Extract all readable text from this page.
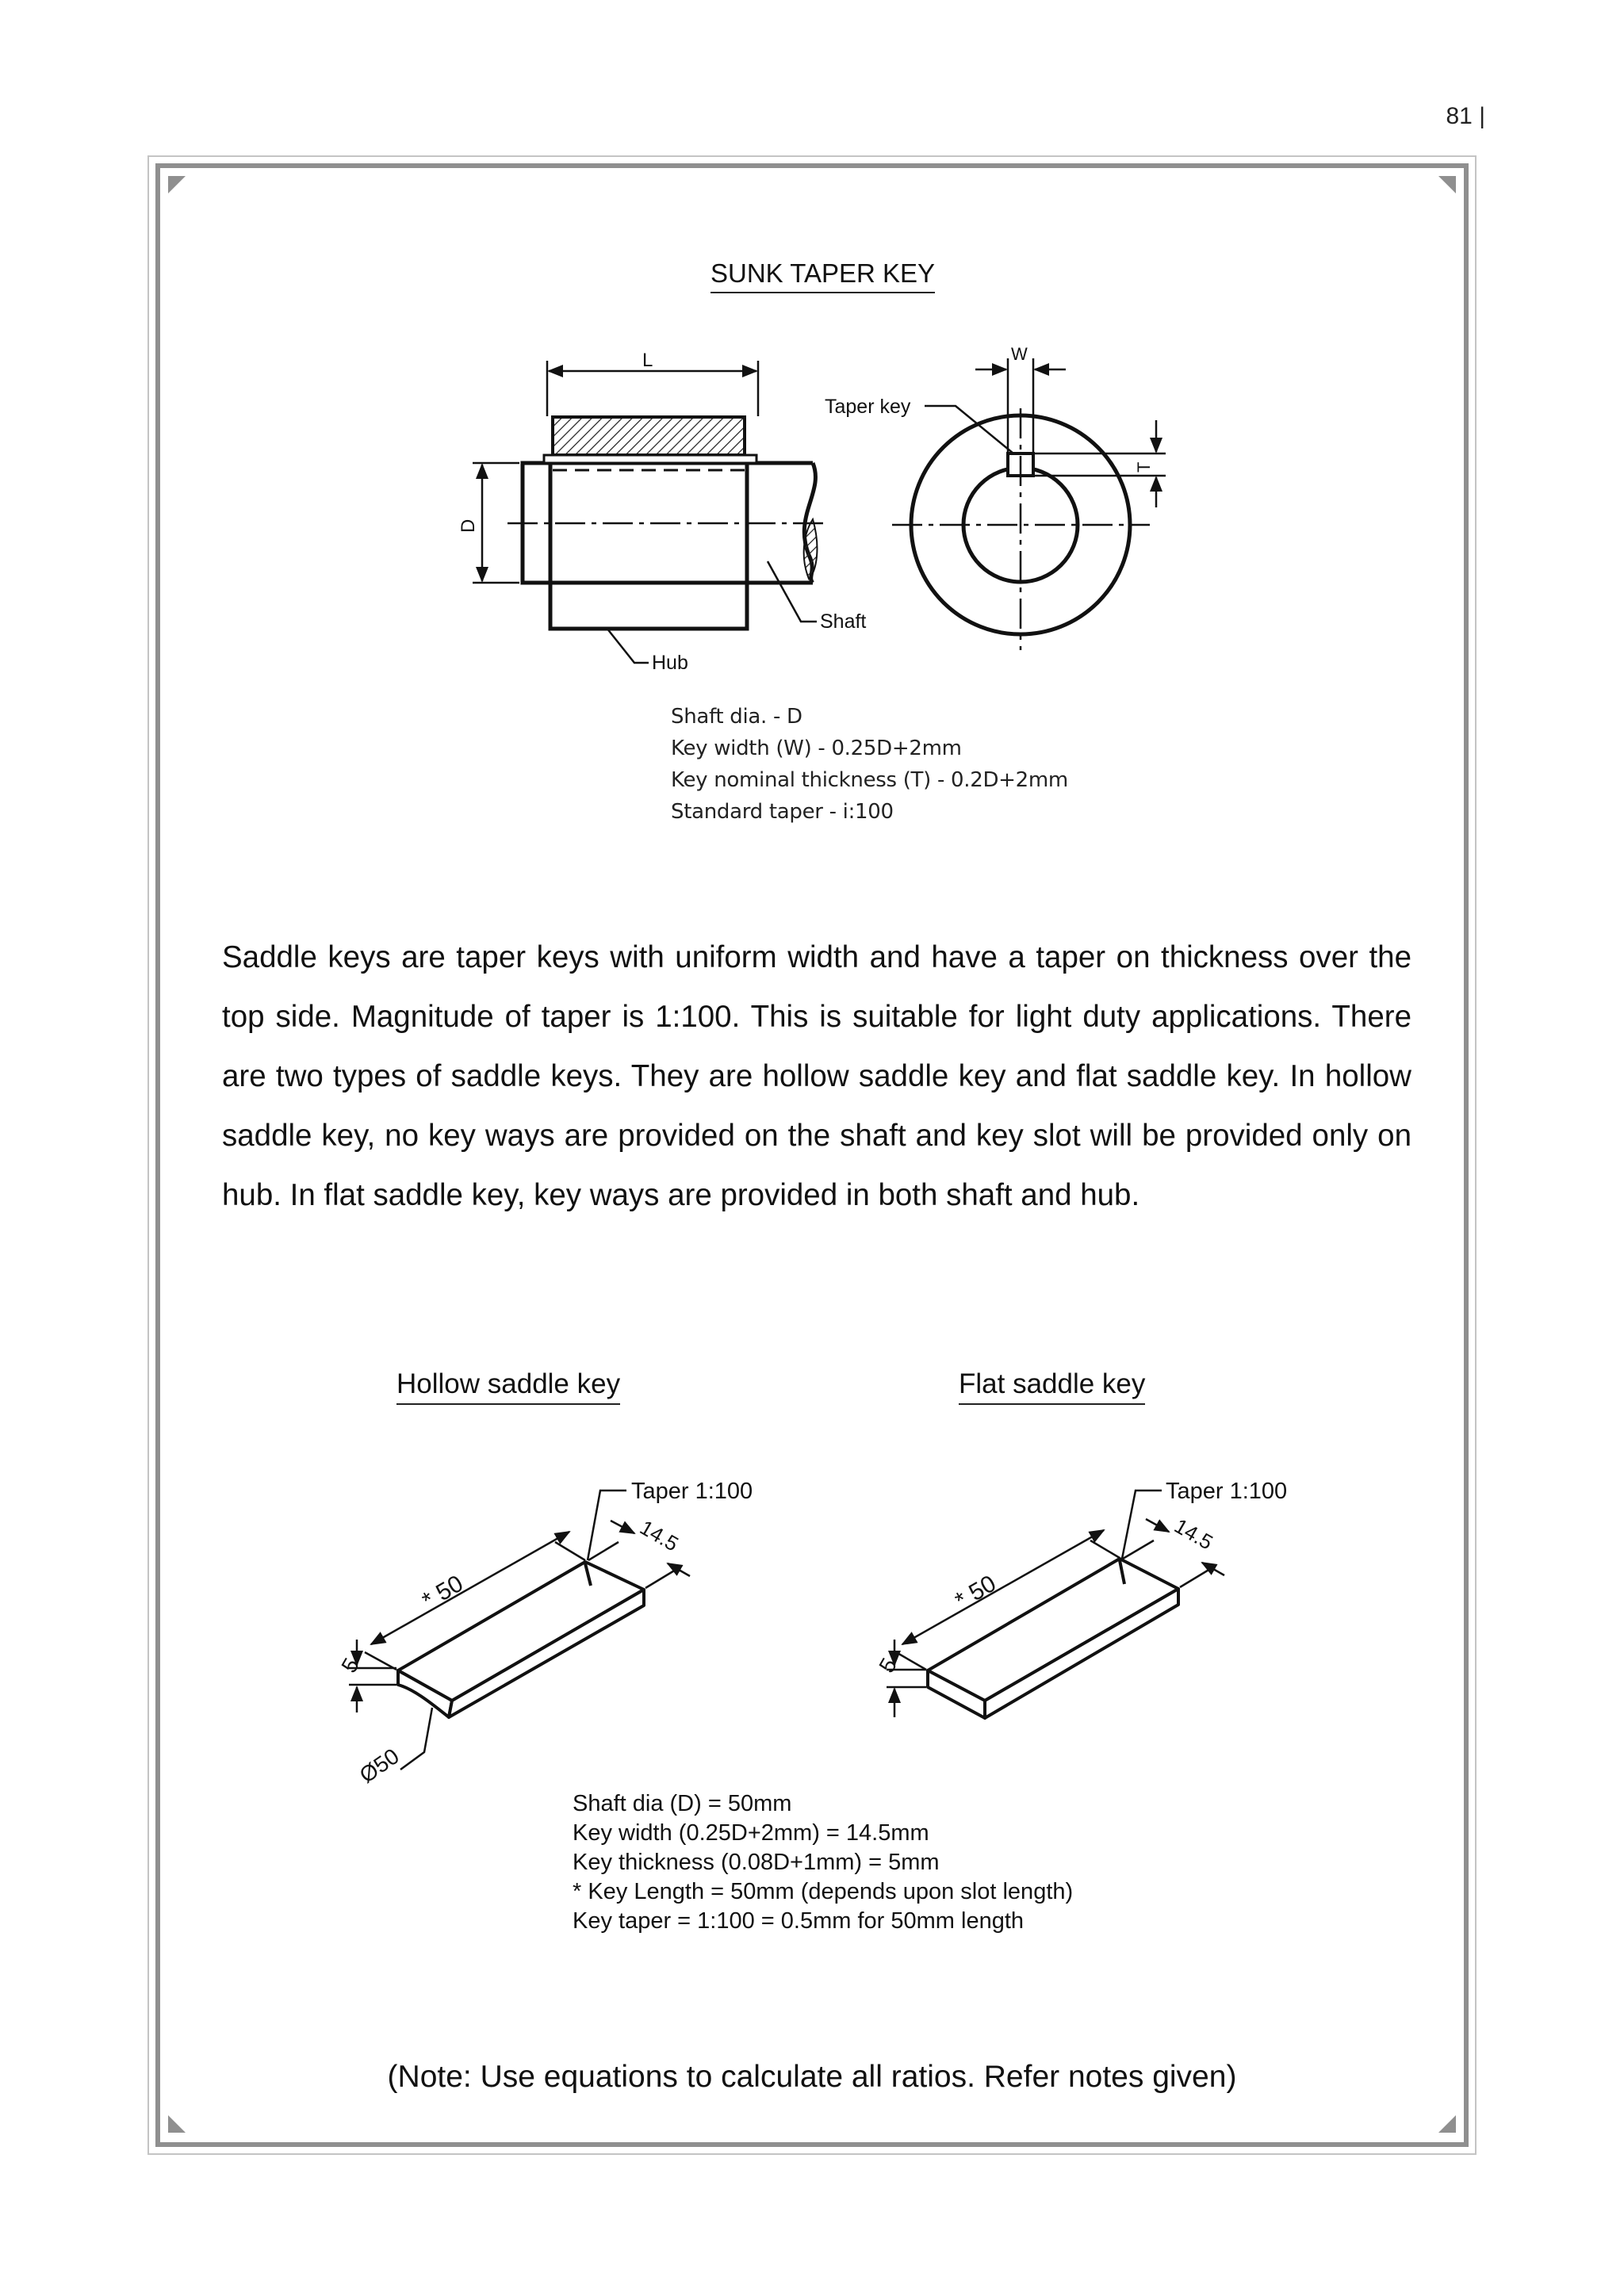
81 |
SUNK TAPER KEY
L
D
Shaft
Hub
W
T
Taper key
Shaft dia. - D
Key width (W) - 0.25D+2mm
Key nominal thickness (T) - 0.2D+2mm
Standard taper - i:100

Saddle keys are taper keys with uniform width and have a taper on thickness over the top side. Magnitude of taper is 1:100. This is suitable for light duty applications. There are two types of saddle keys. They are hollow saddle key and flat saddle key. In hollow saddle key, no key ways are provided on the shaft and key slot will be provided only on hub. In flat saddle key, key ways are provided in both shaft and hub.

Hollow saddle key	Flat saddle key
Taper 1:100
* 50
14.5
5
Ø50
Taper 1:100
* 50
14.5
5
Shaft dia (D) = 50mm
Key width (0.25D+2mm) = 14.5mm
Key thickness (0.08D+1mm) = 5mm
* Key Length = 50mm (depends upon slot length)
Key taper = 1:100 = 0.5mm for 50mm length
(Note: Use equations to calculate all ratios. Refer notes given)
